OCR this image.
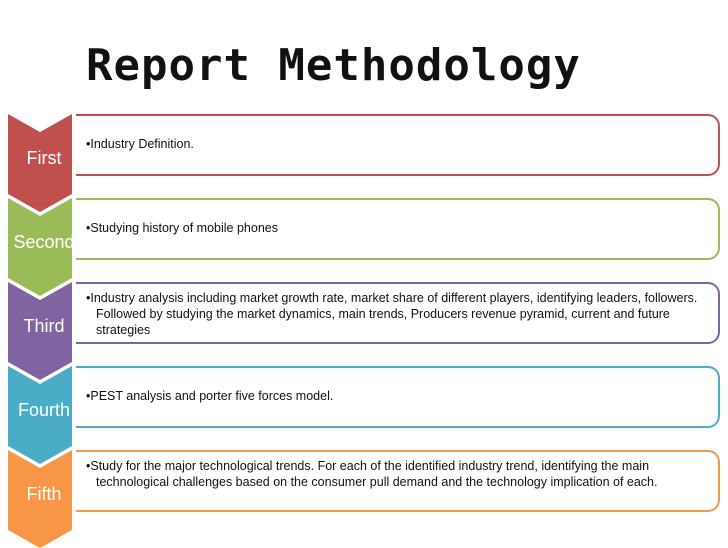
Report Methodology
First
•Industry Definition.
Second
•Studying history of mobile phones
Third
•Industry analysis including market growth rate, market share of different players, identifying leaders, followers. Followed by studying the market dynamics, main trends, Producers revenue pyramid, current and future strategies
Fourth
•PEST analysis and porter five forces model.
Fifth
•Study for the major technological trends. For each of the identified industry trend, identifying the main technological challenges based on the consumer pull demand and the technology implication of each.
